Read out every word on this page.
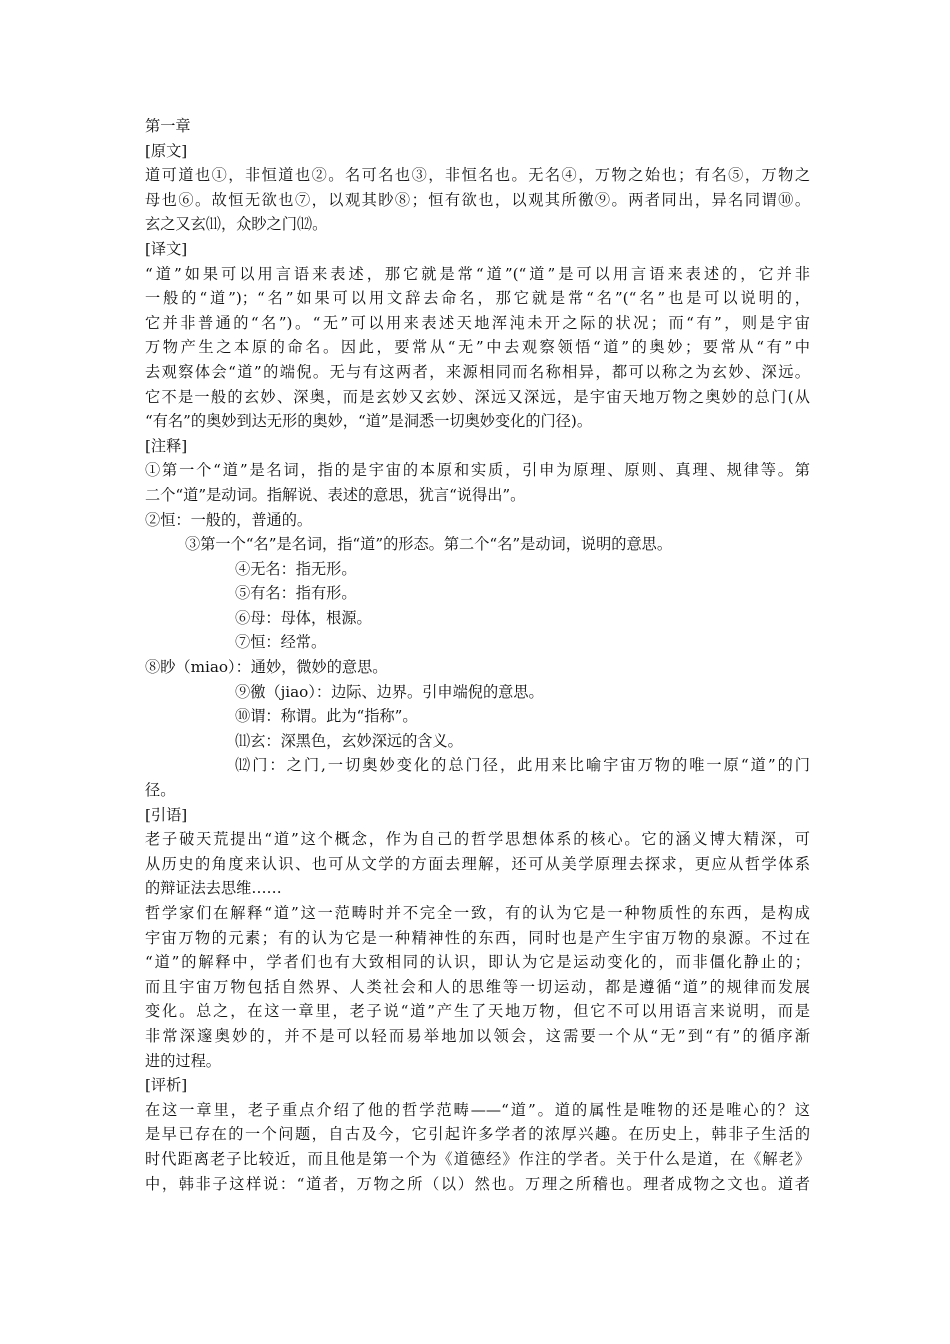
第一章
[原文]
道可道也①，非恒道也②。名可名也③，非恒名也。无名④，万物之始也；有名⑤，万物之
母也⑥。故恒无欲也⑦，以观其眇⑧；恒有欲也，以观其所徼⑨。两者同出，异名同谓⑩。
玄之又玄⑾，众眇之门⑿。
[译文]
“道”如果可以用言语来表述，那它就是常“道”(“道”是可以用言语来表述的，它并非
一般的“道”)；“名”如果可以用文辞去命名，那它就是常“名”(“名”也是可以说明的，
它并非普通的“名”)。“无”可以用来表述天地浑沌未开之际的状况；而“有”，则是宇宙
万物产生之本原的命名。因此，要常从“无”中去观察领悟“道”的奥妙；要常从“有”中
去观察体会“道”的端倪。无与有这两者，来源相同而名称相异，都可以称之为玄妙、深远。
它不是一般的玄妙、深奥，而是玄妙又玄妙、深远又深远，是宇宙天地万物之奥妙的总门(从
“有名”的奥妙到达无形的奥妙，“道”是洞悉一切奥妙变化的门径)。
[注释]
①第一个“道”是名词，指的是宇宙的本原和实质，引申为原理、原则、真理、规律等。第
二个“道”是动词。指解说、表述的意思，犹言“说得出”。
②恒：一般的，普通的。
③第一个“名”是名词，指“道”的形态。第二个“名”是动词，说明的意思。
④无名：指无形。
⑤有名：指有形。
⑥母：母体，根源。
⑦恒：经常。
⑧眇（miao）：通妙，微妙的意思。
⑨徼（jiao）：边际、边界。引申端倪的意思。
⑩谓：称谓。此为“指称”。
⑾玄：深黑色，玄妙深远的含义。
⑿门：之门,一切奥妙变化的总门径，此用来比喻宇宙万物的唯一原“道”的门
径。
[引语]
老子破天荒提出“道”这个概念，作为自己的哲学思想体系的核心。它的涵义博大精深，可
从历史的角度来认识、也可从文学的方面去理解，还可从美学原理去探求，更应从哲学体系
的辩证法去思维……
哲学家们在解释“道”这一范畴时并不完全一致，有的认为它是一种物质性的东西，是构成
宇宙万物的元素；有的认为它是一种精神性的东西，同时也是产生宇宙万物的泉源。不过在
“道”的解释中，学者们也有大致相同的认识，即认为它是运动变化的，而非僵化静止的；
而且宇宙万物包括自然界、人类社会和人的思维等一切运动，都是遵循“道”的规律而发展
变化。总之，在这一章里，老子说“道”产生了天地万物，但它不可以用语言来说明，而是
非常深邃奥妙的，并不是可以轻而易举地加以领会，这需要一个从“无”到“有”的循序渐
进的过程。
[评析]
在这一章里，老子重点介绍了他的哲学范畴——“道”。道的属性是唯物的还是唯心的？这
是早已存在的一个问题，自古及今，它引起许多学者的浓厚兴趣。在历史上，韩非子生活的
时代距离老子比较近，而且他是第一个为《道德经》作注的学者。关于什么是道，在《解老》
中，韩非子这样说：“道者，万物之所（以）然也。万理之所稽也。理者成物之文也。道者
